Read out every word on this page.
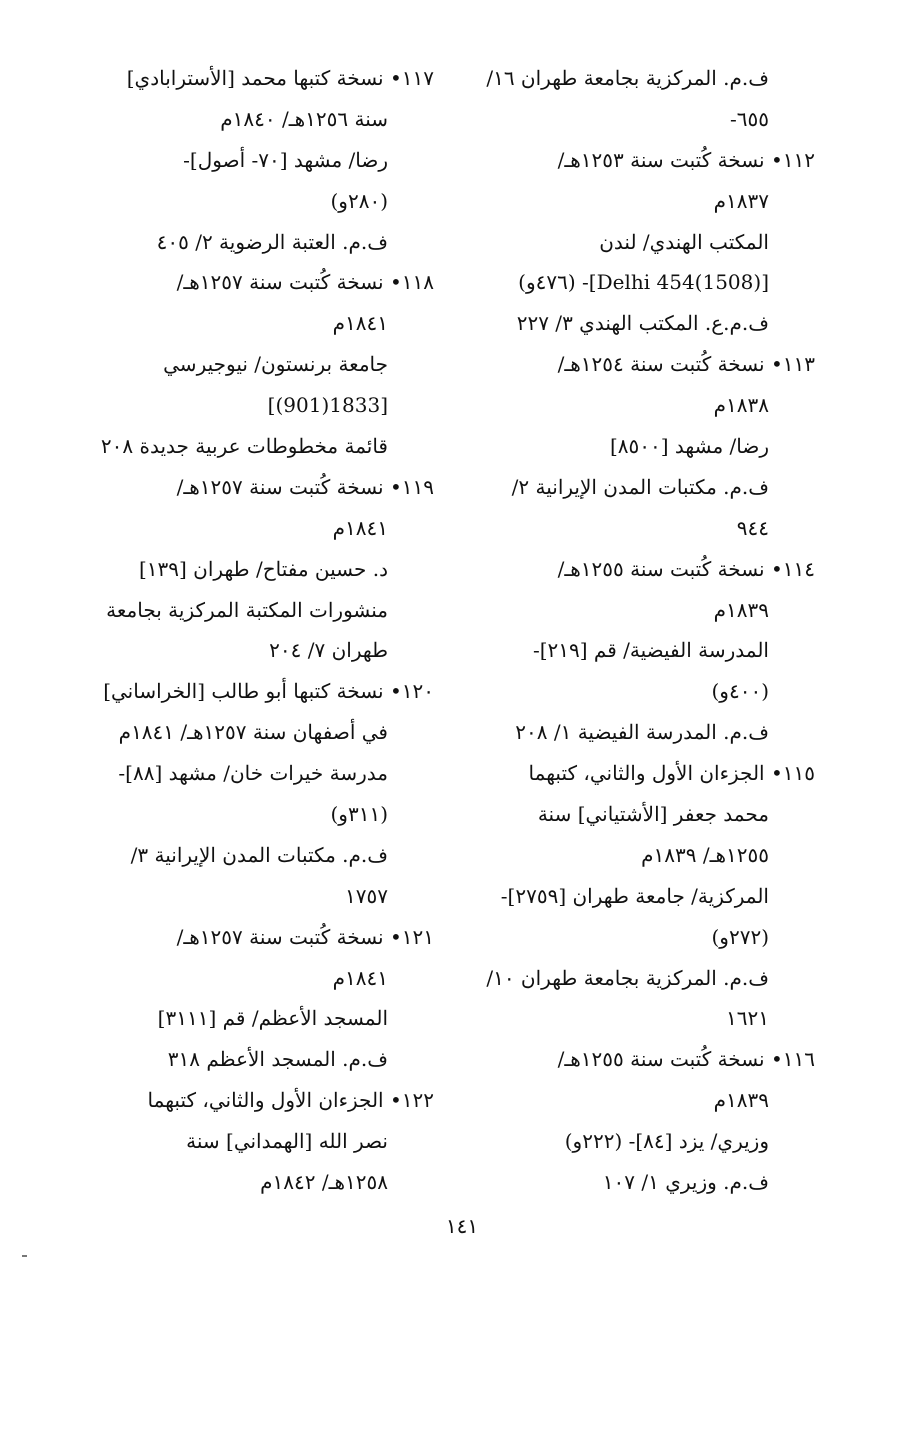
ف.م. المركزية بجامعة طهران ١٦/
٦٥٥-
١١٢• نسخة كُتبت سنة ١٢٥٣هـ/
١٨٣٧م
المكتب الهندي/ لندن
[Delhi 454(1508)]- (٤٧٦و)
ف.م.ع. المكتب الهندي ٣/ ٢٢٧
١١٣• نسخة كُتبت سنة ١٢٥٤هـ/
١٨٣٨م
رضا/ مشهد [٨٥٠٠]
ف.م. مكتبات المدن الإيرانية ٢/
٩٤٤
١١٤• نسخة كُتبت سنة ١٢٥٥هـ/
١٨٣٩م
المدرسة الفيضية/ قم [٢١٩]-
(٤٠٠و)
ف.م. المدرسة الفيضية ١/ ٢٠٨
١١٥• الجزءان الأول والثاني، كتبهما
محمد جعفر [الأشتياني] سنة
١٢٥٥هـ/ ١٨٣٩م
المركزية/ جامعة طهران [٢٧٥٩]-
(٢٧٢و)
ف.م. المركزية بجامعة طهران ١٠/
١٦٢١
١١٦• نسخة كُتبت سنة ١٢٥٥هـ/
١٨٣٩م
وزيري/ يزد [٨٤]- (٢٢٢و)
ف.م. وزيري ١/ ١٠٧
١١٧• نسخة كتبها محمد [الأسترابادي]
سنة ١٢٥٦هـ/ ١٨٤٠م
رضا/ مشهد [٧٠- أصول]-
(٢٨٠و)
ف.م. العتبة الرضوية ٢/ ٤٠٥
١١٨• نسخة كُتبت سنة ١٢٥٧هـ/
١٨٤١م
جامعة برنستون/ نيوجيرسي
[1833(901)]
قائمة مخطوطات عربية جديدة ٢٠٨
١١٩• نسخة كُتبت سنة ١٢٥٧هـ/
١٨٤١م
د. حسين مفتاح/ طهران [١٣٩]
منشورات المكتبة المركزية بجامعة
طهران ٧/ ٢٠٤
١٢٠• نسخة كتبها أبو طالب [الخراساني]
في أصفهان سنة ١٢٥٧هـ/ ١٨٤١م
مدرسة خيرات خان/ مشهد [٨٨]-
(٣١١و)
ف.م. مكتبات المدن الإيرانية ٣/
١٧٥٧
١٢١• نسخة كُتبت سنة ١٢٥٧هـ/
١٨٤١م
المسجد الأعظم/ قم [٣١١١]
ف.م. المسجد الأعظم ٣١٨
١٢٢• الجزءان الأول والثاني، كتبهما
نصر الله [الهمداني] سنة
١٢٥٨هـ/ ١٨٤٢م
١٤١
